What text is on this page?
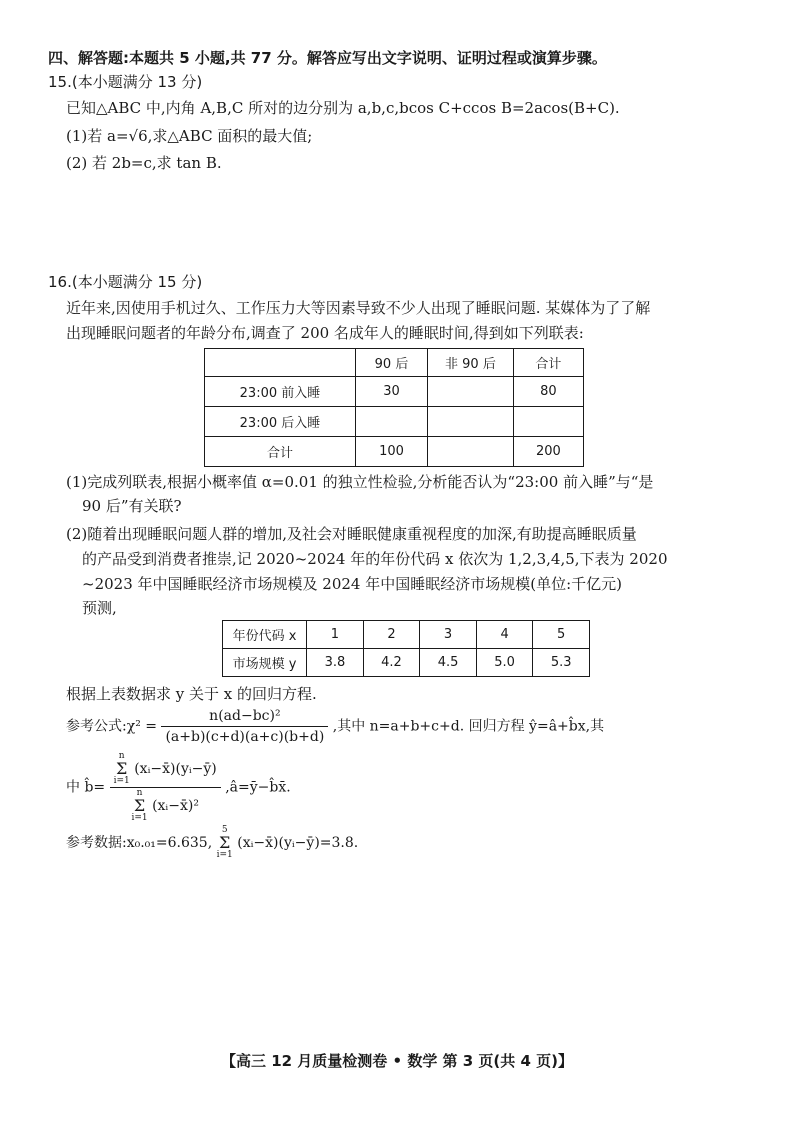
四、解答题:本题共 5 小题,共 77 分。解答应写出文字说明、证明过程或演算步骤。
15.(本小题满分 13 分)
已知△ABC 中,内角 A,B,C 所对的边分别为 a,b,c,bcos C+ccos B=2acos(B+C).
(1)若 a=√6,求△ABC 面积的最大值;
(2) 若 2b=c,求 tan B.
16.(本小题满分 15 分)
近年来,因使用手机过久、工作压力大等因素导致不少人出现了睡眠问题. 某媒体为了了解
出现睡眠问题者的年龄分布,调查了 200 名成年人的睡眠时间,得到如下列联表:
	90 后	非 90 后	合计
23:00 前入睡	30		80
23:00 后入睡			
合计	100		200
(1)完成列联表,根据小概率值 α=0.01 的独立性检验,分析能否认为“23:00 前入睡”与“是
90 后”有关联?
(2)随着出现睡眠问题人群的增加,及社会对睡眠健康重视程度的加深,有助提高睡眠质量
的产品受到消费者推崇,记 2020~2024 年的年份代码 x 依次为 1,2,3,4,5,下表为 2020
~2023 年中国睡眠经济市场规模及 2024 年中国睡眠经济市场规模(单位:千亿元)
预测,
年份代码 x	1	2	3	4	5
市场规模 y	3.8	4.2	4.5	5.0	5.3
根据上表数据求 y 关于 x 的回归方程.
参考公式:χ² = $\frac{\text{n(ad−bc)²}}{(a+b)(c+d)(a+c)(b+d)}$ ,其中 n=a+b+c+d. 回归方程 ŷ=â+b̂x,其
中 b̂= n
Σ
i=1
(xᵢ−x̄)(yᵢ−ȳ)
n
Σ
i=1
(xᵢ−x̄)² ,â=ȳ−b̂x̄.
参考数据:x₀.₀₁=6.635,
5
Σ
i=1
(xᵢ−x̄)(yᵢ−ȳ)=3.8.
【高三 12 月质量检测卷 • 数学 第 3 页(共 4 页)】
